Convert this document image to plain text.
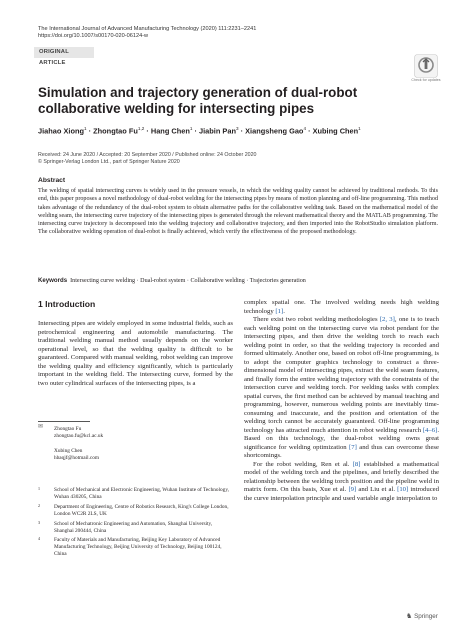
The International Journal of Advanced Manufacturing Technology (2020) 111:2231–2241
https://doi.org/10.1007/s00170-020-06124-w
ORIGINAL ARTICLE
Check for updates
Simulation and trajectory generation of dual-robot collaborative welding for intersecting pipes
Jiahao Xiong$^1$ · Zhongtao Fu$^{1,2}$ · Hang Chen$^1$ · Jiabin Pan$^3$ · Xiangsheng Gao$^4$ · Xubing Chen$^1$
Received: 24 June 2020 / Accepted: 20 September 2020 / Published online: 24 October 2020
© Springer-Verlag London Ltd., part of Springer Nature 2020
Abstract
The welding of spatial intersecting curves is widely used in the pressure vessels, in which the welding quality cannot be achieved by traditional methods. To this end, this paper proposes a novel methodology of dual-robot welding for the intersecting pipes by means of motion planning and off-line programming. This method takes advantage of the redundancy of the dual-robot system to obtain alternative paths for the collaborative welding task. Based on the mathematical model of the welding seam, the intersecting curve trajectory of the intersecting pipes is generated through the relevant mathematical theory and the MATLAB programming. The intersecting curve trajectory is decomposed into the welding trajectory and collaborative trajectory, and then imported into the RobotStudio simulation platform. The collaborative welding operation of dual-robot is finally achieved, which verify the effectiveness of the proposed methodology.
Keywords Intersecting curve welding · Dual-robot system · Collaborative welding · Trajectories generation
1 Introduction

Intersecting pipes are widely employed in some industrial fields, such as petrochemical engineering and automobile manufacturing. The traditional welding manual method usually depends on the worker operational level, so that the welding quality is difficult to be guaranteed. Compared with manual welding, robot welding can improve the welding quality and efficiency significantly, which is particularly important in the welding field. The intersecting curve, formed by the two outer cylindrical surfaces of the intersecting pipes, is a

complex spatial one. The involved welding needs high welding technology [1].

There exist two robot welding methodologies [2, 3], one is to teach each welding point on the intersecting curve via robot pendant for the intersecting pipes, and then drive the welding torch to reach each welding point in order, so that the welding trajectory is recorded and formed ultimately. Another one, based on robot off-line programming, is to adopt the computer graphics technology to construct a three-dimensional model of intersecting pipes, extract the weld seam features, and finally form the entire welding trajectory with the constraints of the intersection curve and welding torch. For welding tasks with complex spatial curves, the first method can be achieved by manual teaching and programming, however, numerous welding points are inevitably time-consuming and inaccurate, and the position and orientation of the welding torch cannot be accurately guaranteed. Off-line programming technology has attracted much attention in robot welding research [4–6]. Based on this technology, the dual-robot welding owns great significance for welding optimization [7] and thus can overcome these shortcomings.

For the robot welding, Ren et al. [8] established a mathematical model of the welding torch and the pipelines, and briefly described the relationship between the welding torch position and the pipeline weld in matrix form. On this basis, Xue et al. [9] and Liu et al. [10] introduced the curve interpolation principle and used variable angle interpolation to

✉ Zhongtao Fu
zhongtao.fu@kcl.ac.uk
Xubing Chen
hbaqjf@hotmail.com
1	School of Mechanical and Electronic Engineering, Wuhan Institute of Technology, Wuhan 430205, China
2	Department of Engineering, Centre of Robotics Research, King's College London, London WC2R 2LS, UK
3	School of Mechatronic Engineering and Automation, Shanghai University, Shanghai 200444, China
4	Faculty of Materials and Manufacturing, Beijing Key Laboratory of Advanced Manufacturing Technology, Beijing University of Technology, Beijing 100124, China
♞ Springer
